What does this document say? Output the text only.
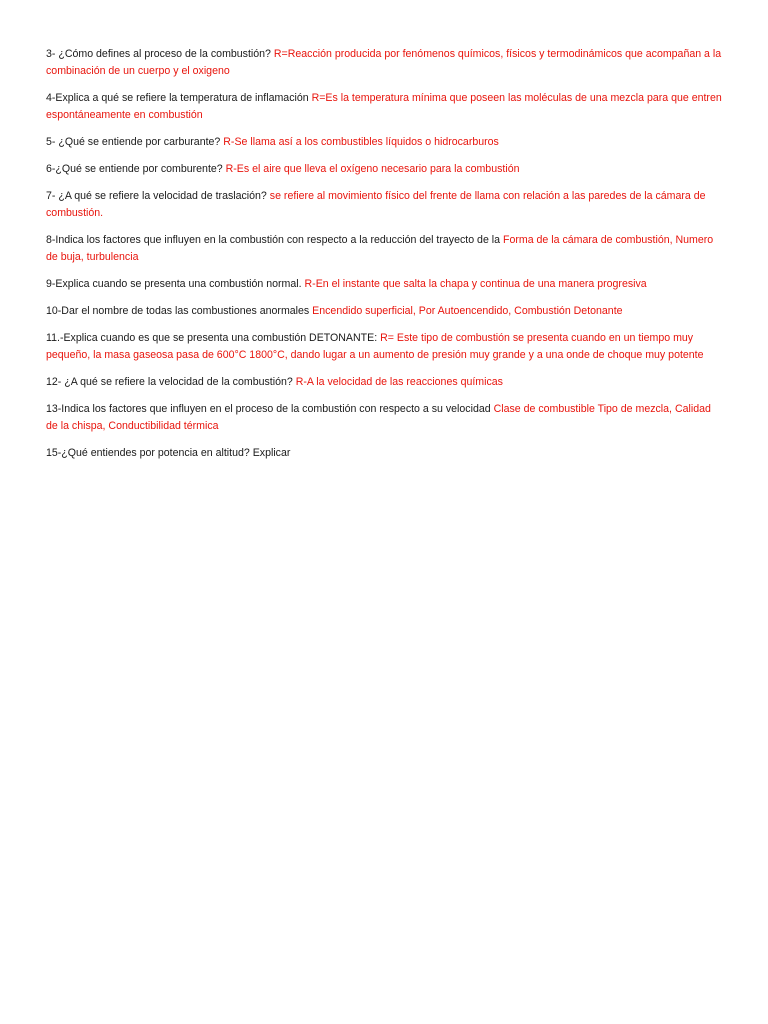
3- ¿Cómo defines al proceso de la combustión? R=Reacción producida por fenómenos químicos, físicos y termodinámicos que acompañan a la combinación de un cuerpo y el oxigeno
4-Explica a qué se refiere la temperatura de inflamación R=Es la temperatura mínima que poseen las moléculas de una mezcla para que entren espontáneamente en combustión
5- ¿Qué se entiende por carburante? R-Se llama así a los combustibles líquidos o hidrocarburos
6-¿Qué se entiende por comburente? R-Es el aire que lleva el oxígeno necesario para la combustión
7- ¿A qué se refiere la velocidad de traslación? se refiere al movimiento físico del frente de llama con relación a las paredes de la cámara de combustión.
8-Indica los factores que influyen en la combustión con respecto a la reducción del trayecto de la Forma de la cámara de combustión, Numero de buja, turbulencia
9-Explica cuando se presenta una combustión normal. R-En el instante que salta la chapa y continua de una manera progresiva
10-Dar el nombre de todas las combustiones anormales Encendido superficial, Por Autoencendido, Combustión Detonante
11.-Explica cuando es que se presenta una combustión DETONANTE: R= Este tipo de combustión se presenta cuando en un tiempo muy pequeño, la masa gaseosa pasa de 600°C 1800°C, dando lugar a un aumento de presión muy grande y a una onde de choque muy potente
12- ¿A qué se refiere la velocidad de la combustión? R-A la velocidad de las reacciones químicas
13-Indica los factores que influyen en el proceso de la combustión con respecto a su velocidad Clase de combustible Tipo de mezcla, Calidad de la chispa, Conductibilidad térmica
15-¿Qué entiendes por potencia en altitud? Explicar
